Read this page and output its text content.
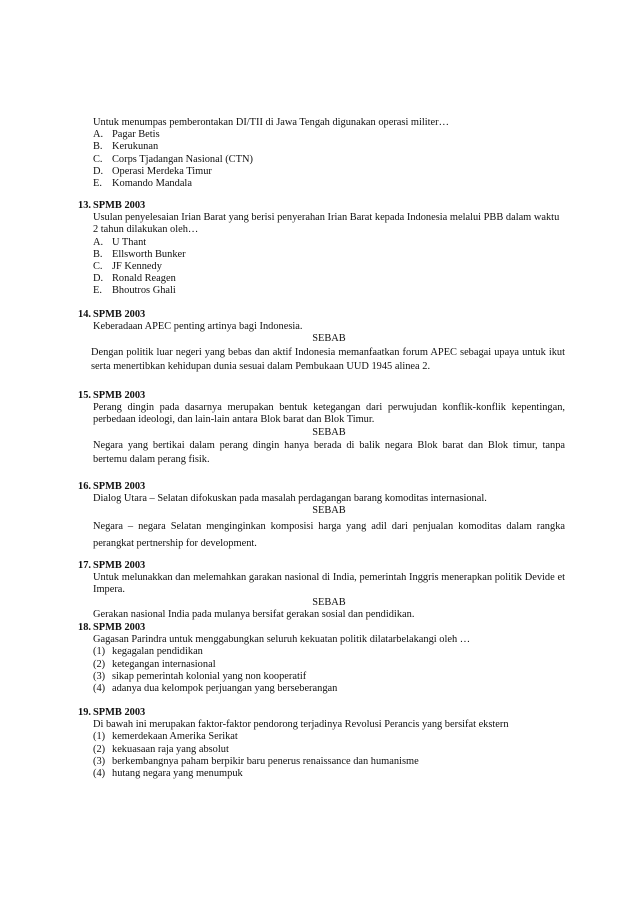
Untuk menumpas pemberontakan DI/TII di Jawa Tengah digunakan operasi militer…

A. Pagar Betis
B. Kerukunan
C. Corps Tjadangan Nasional (CTN)
D. Operasi Merdeka Timur
E. Komando Mandala
13. SPMB 2003

Usulan penyelesaian Irian Barat yang berisi penyerahan Irian Barat kepada Indonesia melalui PBB dalam waktu 2 tahun dilakukan oleh…

A. U Thant
B. Ellsworth Bunker
C. JF Kennedy
D. Ronald Reagen
E. Bhoutros Ghali
14. SPMB 2003

Keberadaan APEC penting artinya bagi Indonesia.

SEBAB

Dengan politik luar negeri yang bebas dan aktif Indonesia memanfaatkan forum APEC sebagai upaya untuk ikut serta menertibkan kehidupan dunia sesuai dalam Pembukaan UUD 1945 alinea 2.

15. SPMB 2003

Perang dingin pada dasarnya merupakan bentuk ketegangan dari perwujudan konflik-konflik kepentingan, perbedaan ideologi, dan lain-lain antara Blok barat dan Blok Timur.

SEBAB

Negara yang bertikai dalam perang dingin hanya berada di balik negara Blok barat dan Blok timur, tanpa bertemu dalam perang fisik.

16. SPMB 2003

Dialog Utara – Selatan difokuskan pada masalah perdagangan barang komoditas internasional.

SEBAB

Negara – negara Selatan menginginkan komposisi harga yang adil dari penjualan komoditas dalam rangka perangkat pertnership for development.

17. SPMB 2003

Untuk melunakkan dan melemahkan garakan nasional di India, pemerintah Inggris menerapkan politik Devide et Impera.

SEBAB

Gerakan nasional India pada mulanya bersifat gerakan sosial dan pendidikan.

18. SPMB 2003

Gagasan Parindra untuk menggabungkan seluruh kekuatan politik dilatarbelakangi oleh …

(1) kegagalan pendidikan
(2) ketegangan internasional
(3) sikap pemerintah kolonial yang non kooperatif
(4) adanya dua kelompok perjuangan yang berseberangan
19. SPMB 2003

Di bawah ini merupakan faktor-faktor pendorong terjadinya Revolusi Perancis yang bersifat ekstern

(1) kemerdekaan Amerika Serikat
(2) kekuasaan raja yang absolut
(3) berkembangnya paham berpikir baru penerus renaissance dan humanisme
(4) hutang negara yang menumpuk
